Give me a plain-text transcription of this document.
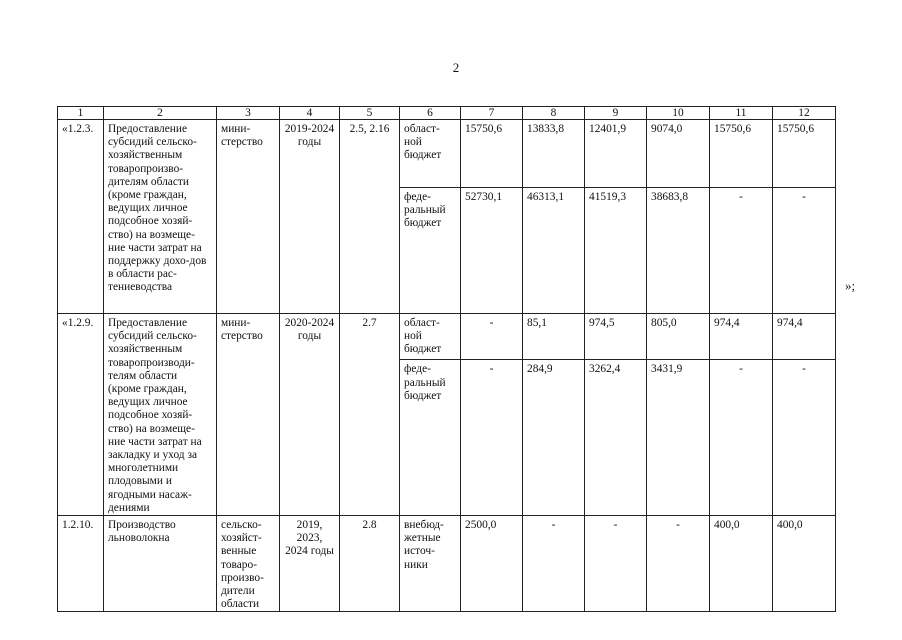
2
1	2	3	4	5	6	7	8	9	10	11	12
«1.2.3.	Предоставление субсидий сельско-хозяйственным товаропроизво-дителям области (кроме граждан, ведущих личное подсобное хозяй-ство) на возмеще-ние части затрат на поддержку дохо-дов в области рас-тениеводства	мини-стерство	2019-2024 годы	2.5, 2.16	област-ной бюджет	15750,6	13833,8	12401,9	9074,0	15750,6	15750,6
					феде-ральный бюджет	52730,1	46313,1	41519,3	38683,8	-	-
«1.2.9.	Предоставление субсидий сельско-хозяйственным товаропроизводи-телям области (кроме граждан, ведущих личное подсобное хозяй-ство) на возмеще-ние части затрат на закладку и уход за многолетними плодовыми и ягодными насаж-дениями	мини-стерство	2020-2024 годы	2.7	област-ной бюджет	-	85,1	974,5	805,0	974,4	974,4
					феде-ральный бюджет	-	284,9	3262,4	3431,9	-	-
1.2.10.	Производство льноволокна	сельско-хозяйст-венные товаро-произво-дители области	2019, 2023, 2024 годы	2.8	внебюд-жетные источ-ники	2500,0	-	-	-	400,0	400,0
»;
